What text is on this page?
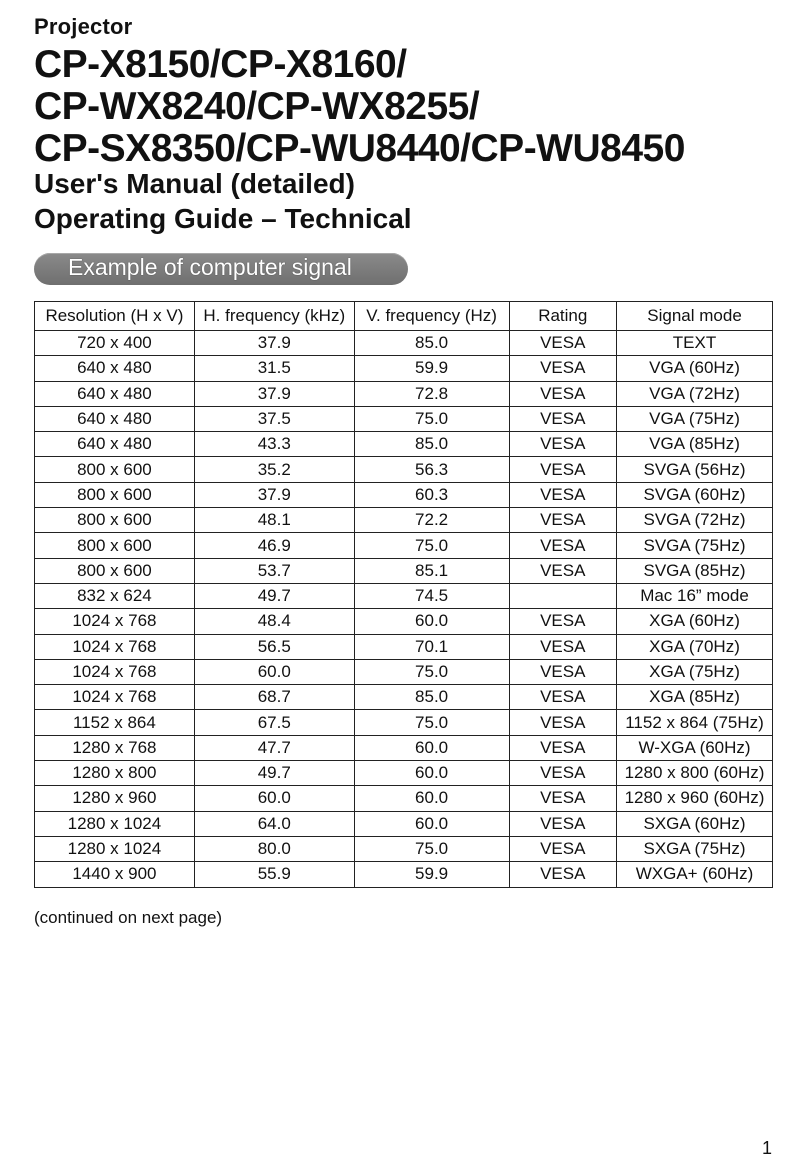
Projector
CP-X8150/CP-X8160/
CP-WX8240/CP-WX8255/
CP-SX8350/CP-WU8440/CP-WU8450
User's Manual (detailed)
Operating Guide – Technical
Example of computer signal
Resolution (H x V)	H. frequency (kHz)	V. frequency (Hz)	Rating	Signal mode
720 x 400	37.9	85.0	VESA	TEXT
640 x 480	31.5	59.9	VESA	VGA (60Hz)
640 x 480	37.9	72.8	VESA	VGA (72Hz)
640 x 480	37.5	75.0	VESA	VGA (75Hz)
640 x 480	43.3	85.0	VESA	VGA (85Hz)
800 x 600	35.2	56.3	VESA	SVGA (56Hz)
800 x 600	37.9	60.3	VESA	SVGA (60Hz)
800 x 600	48.1	72.2	VESA	SVGA (72Hz)
800 x 600	46.9	75.0	VESA	SVGA (75Hz)
800 x 600	53.7	85.1	VESA	SVGA (85Hz)
832 x 624	49.7	74.5		Mac 16” mode
1024 x 768	48.4	60.0	VESA	XGA (60Hz)
1024 x 768	56.5	70.1	VESA	XGA (70Hz)
1024 x 768	60.0	75.0	VESA	XGA (75Hz)
1024 x 768	68.7	85.0	VESA	XGA (85Hz)
1152 x 864	67.5	75.0	VESA	1152 x 864 (75Hz)
1280 x 768	47.7	60.0	VESA	W-XGA (60Hz)
1280 x 800	49.7	60.0	VESA	1280 x 800 (60Hz)
1280 x 960	60.0	60.0	VESA	1280 x 960 (60Hz)
1280 x 1024	64.0	60.0	VESA	SXGA (60Hz)
1280 x 1024	80.0	75.0	VESA	SXGA (75Hz)
1440 x 900	55.9	59.9	VESA	WXGA+ (60Hz)
(continued on next page)
1
